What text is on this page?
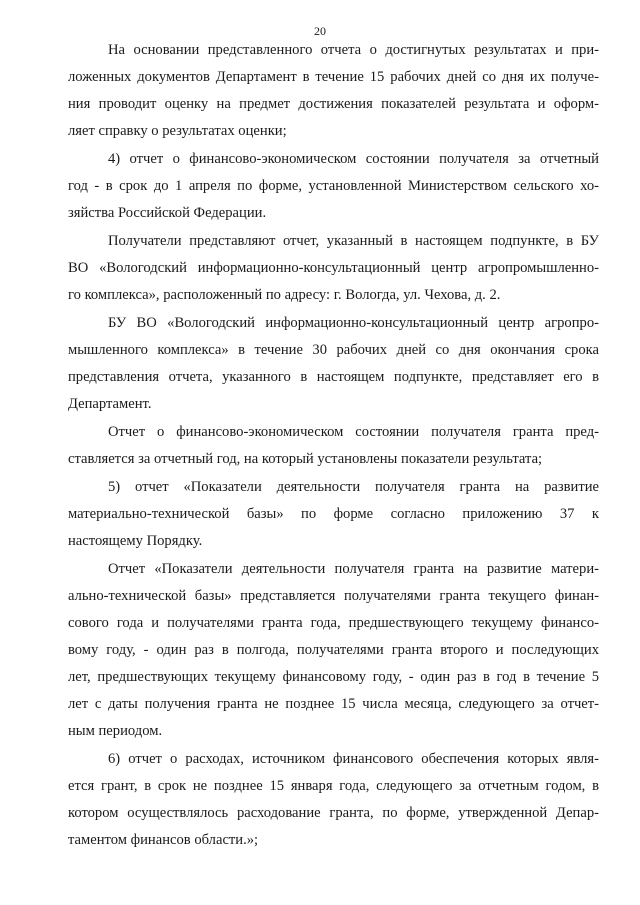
20
На основании представленного отчета о достигнутых результатах и при-
ложенных документов Департамент в течение 15 рабочих дней со дня их получе-
ния проводит оценку на предмет достижения показателей результата и оформ-
ляет справку о результатах оценки;
4) отчет о финансово-экономическом состоянии получателя за отчетный
год - в срок до 1 апреля по форме, установленной Министерством сельского хо-
зяйства Российской Федерации.
Получатели представляют отчет, указанный в настоящем подпункте, в БУ
ВО «Вологодский информационно-консультационный центр агропромышленно-
го комплекса», расположенный по адресу: г. Вологда, ул. Чехова, д. 2.
БУ ВО «Вологодский информационно-консультационный центр агропро-
мышленного комплекса» в течение 30 рабочих дней со дня окончания срока
представления отчета, указанного в настоящем подпункте, представляет его в
Департамент.
Отчет о финансово-экономическом состоянии получателя гранта пред-
ставляется за отчетный год, на который установлены показатели результата;
5) отчет «Показатели деятельности получателя гранта на развитие
материально-технической базы» по форме согласно приложению 37 к
настоящему Порядку.
Отчет «Показатели деятельности получателя гранта на развитие матери-
ально-технической базы» представляется получателями гранта текущего финан-
сового года и получателями гранта года, предшествующего текущему финансо-
вому году, - один раз в полгода, получателями гранта второго и последующих
лет, предшествующих текущему финансовому году, - один раз в год в течение 5
лет с даты получения гранта не позднее 15 числа месяца, следующего за отчет-
ным периодом.
6) отчет о расходах, источником финансового обеспечения которых явля-
ется грант, в срок не позднее 15 января года, следующего за отчетным годом, в
котором осуществлялось расходование гранта, по форме, утвержденной Депар-
таментом финансов области.»;
